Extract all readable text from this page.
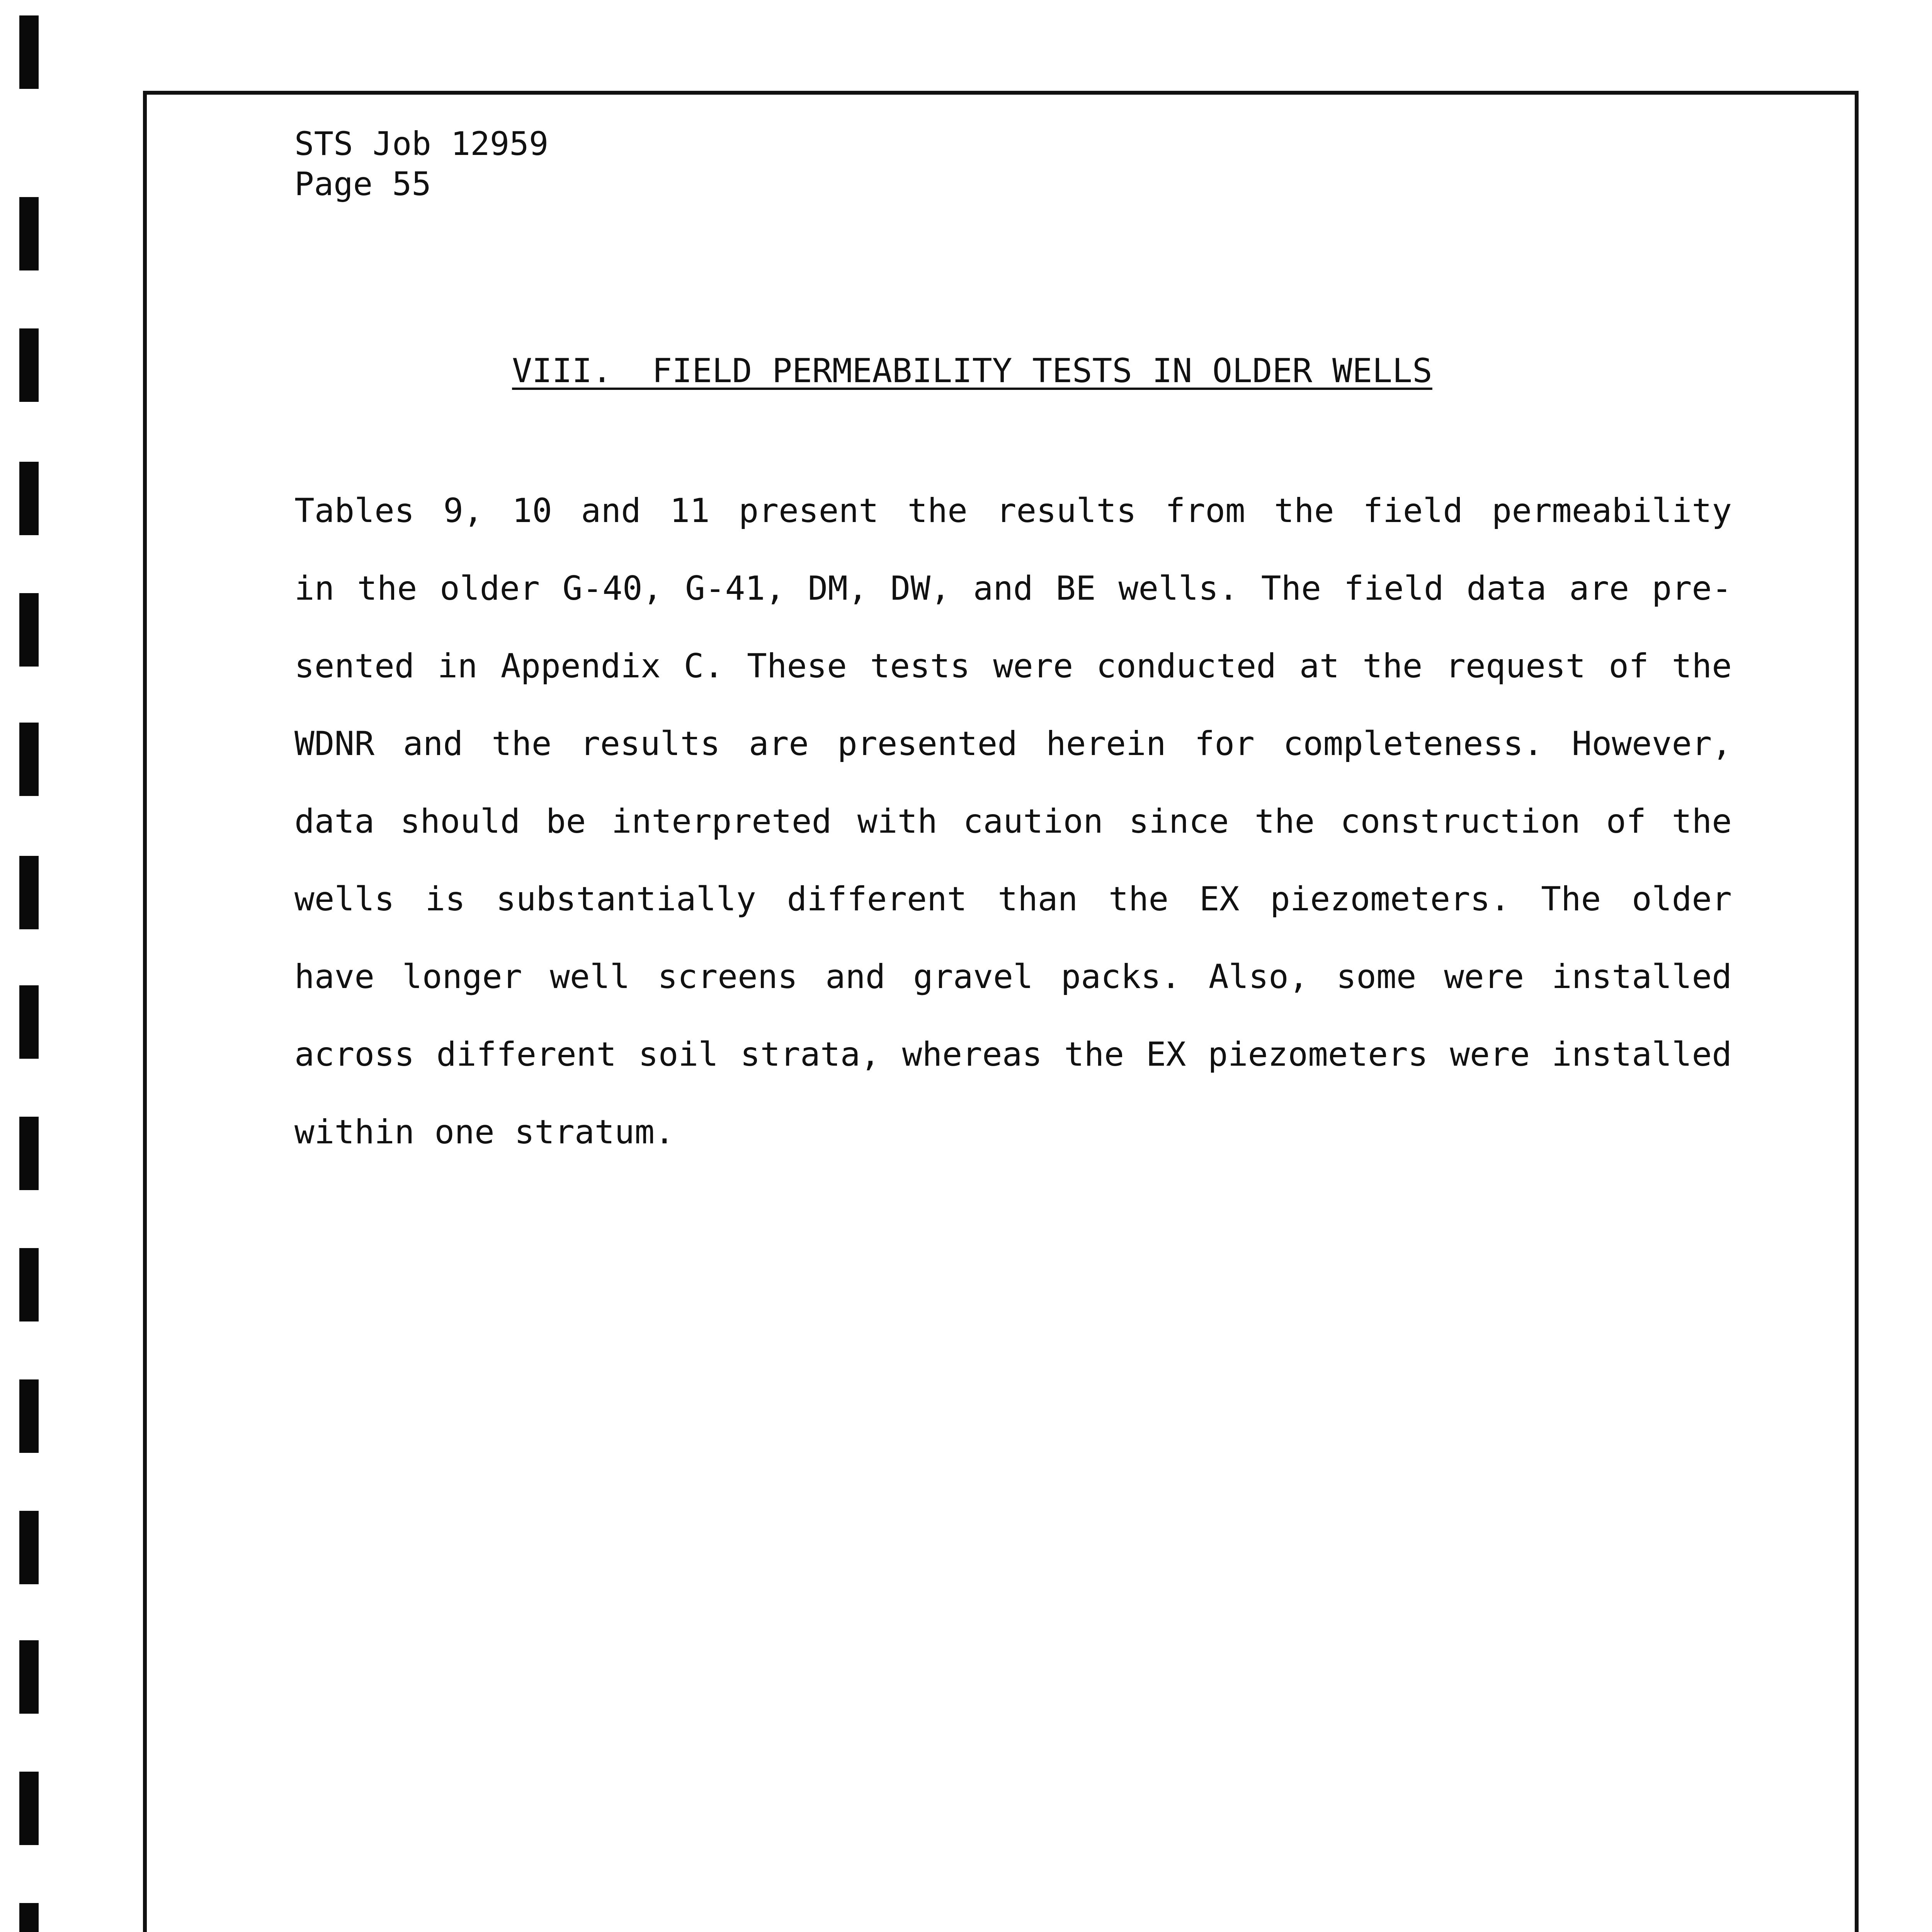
STS Job 12959
Page 55
VIII.  FIELD PERMEABILITY TESTS IN OLDER WELLS
Tables 9, 10 and 11 present the results from the field permeability
in the older G-40, G-41, DM, DW, and BE wells. The field data are pre-
sented in Appendix C. These tests were conducted at the request of the
WDNR and the results are presented herein for completeness. However,
data should be interpreted with caution since the construction of the
wells is substantially different than the EX piezometers. The older
have longer well screens and gravel packs. Also, some were installed
across different soil strata, whereas the EX piezometers were installed
within one stratum.
